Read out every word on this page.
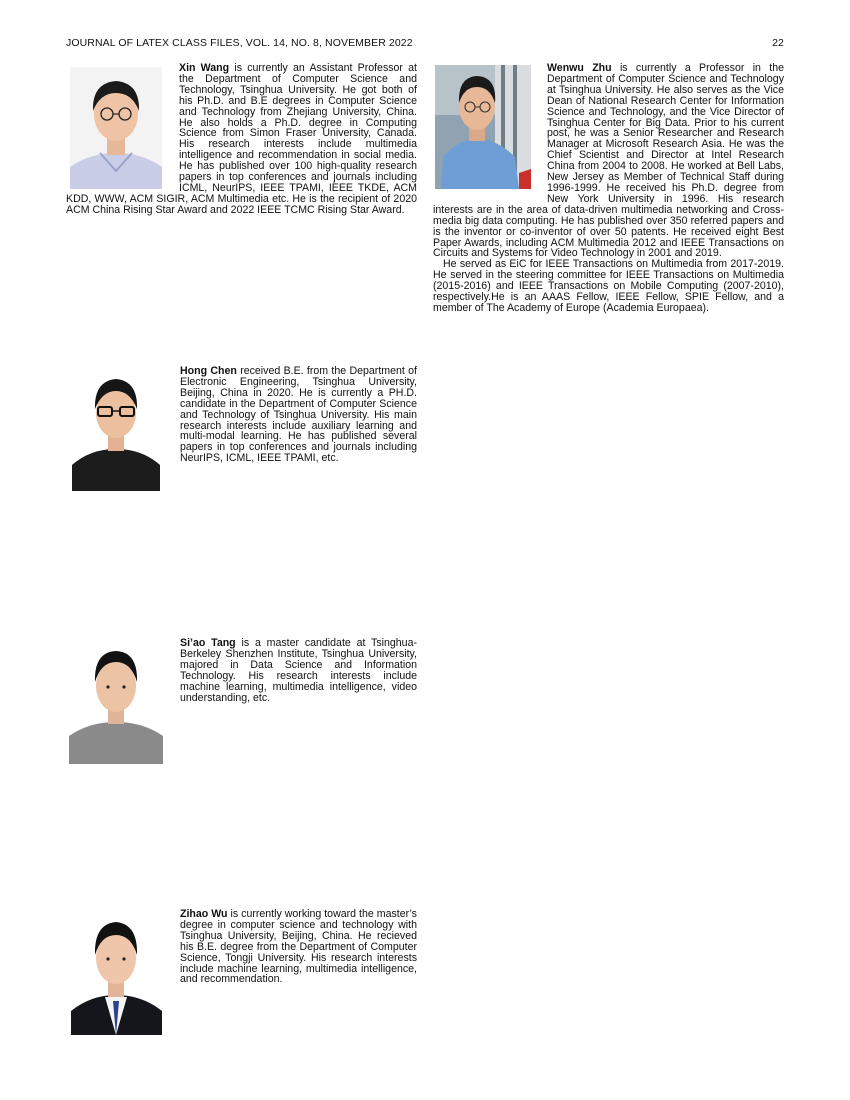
JOURNAL OF LATEX CLASS FILES, VOL. 14, NO. 8, NOVEMBER 2022	22

Xin Wang is currently an Assistant Professor at the Department of Computer Science and Technology, Tsinghua University. He got both of his Ph.D. and B.E degrees in Computer Science and Technology from Zhejiang University, China. He also holds a Ph.D. degree in Computing Science from Simon Fraser University, Canada. His research interests include multimedia intelligence and recommendation in social media. He has published over 100 high-quality research papers in top conferences and journals including ICML, NeurIPS, IEEE TPAMI, IEEE TKDE, ACM KDD, WWW, ACM SIGIR, ACM Multimedia etc. He is the recipient of 2020 ACM China Rising Star Award and 2022 IEEE TCMC Rising Star Award.

Hong Chen received B.E. from the Department of Electronic Engineering, Tsinghua University, Beijing, China in 2020. He is currently a PH.D. candidate in the Department of Computer Science and Technology of Tsinghua University. His main research interests include auxiliary learning and multi-modal learning. He has published several papers in top conferences and journals including NeurIPS, ICML, IEEE TPAMI, etc.

Si’ao Tang is a master candidate at Tsinghua-Berkeley Shenzhen Institute, Tsinghua University, majored in Data Science and Information Technology. His research interests include machine learning, multimedia intelligence, video understanding, etc.

Zihao Wu is currently working toward the master’s degree in computer science and technology with Tsinghua University, Beijing, China. He recieved his B.E. degree from the Department of Computer Science, Tongji University. His research interests include machine learning, multimedia intelligence, and recommendation.

Wenwu Zhu is currently a Professor in the Department of Computer Science and Technology at Tsinghua University. He also serves as the Vice Dean of National Research Center for Information Science and Technology, and the Vice Director of Tsinghua Center for Big Data. Prior to his current post, he was a Senior Researcher and Research Manager at Microsoft Research Asia. He was the Chief Scientist and Director at Intel Research China from 2004 to 2008. He worked at Bell Labs, New Jersey as Member of Technical Staff during 1996-1999. He received his Ph.D. degree from New York University in 1996. His research interests are in the area of data-driven multimedia networking and Cross-media big data computing. He has published over 350 referred papers and is the inventor or co-inventor of over 50 patents. He received eight Best Paper Awards, including ACM Multimedia 2012 and IEEE Transactions on Circuits and Systems for Video Technology in 2001 and 2019.

He served as EiC for IEEE Transactions on Multimedia from 2017-2019. He served in the steering committee for IEEE Transactions on Multimedia (2015-2016) and IEEE Transactions on Mobile Computing (2007-2010), respectively.He is an AAAS Fellow, IEEE Fellow, SPIE Fellow, and a member of The Academy of Europe (Academia Europaea).
